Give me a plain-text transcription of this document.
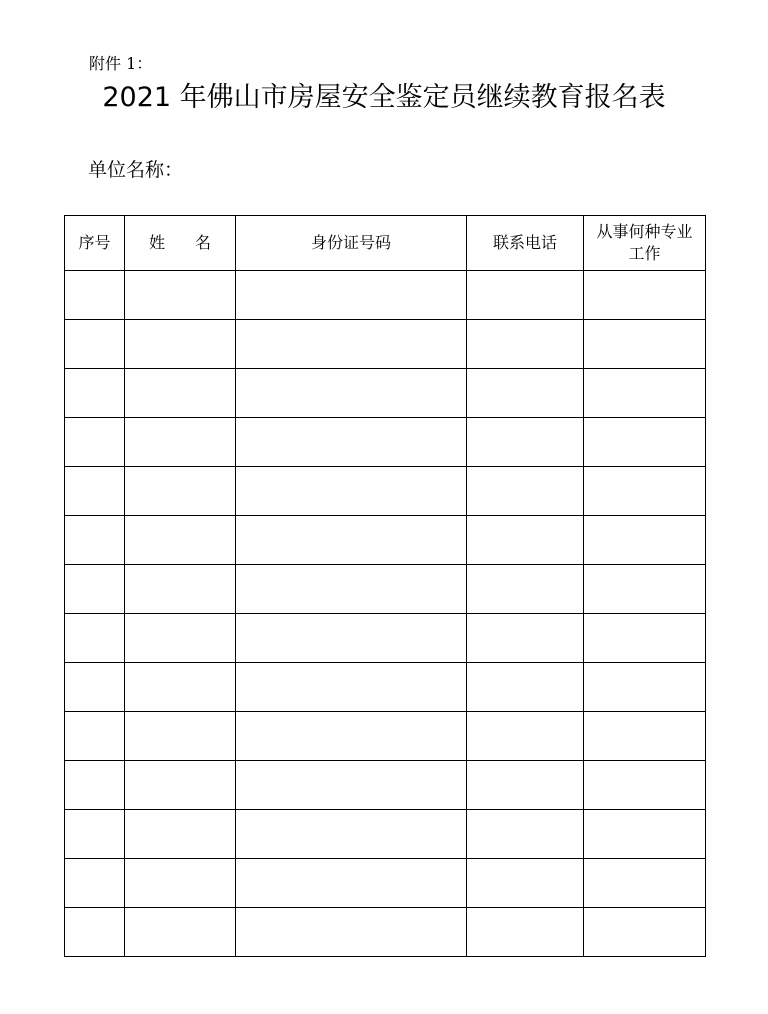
附件 1：
2021 年佛山市房屋安全鉴定员继续教育报名表
单位名称：
序号	姓 名	身份证号码	联系电话	从事何种专业工作
